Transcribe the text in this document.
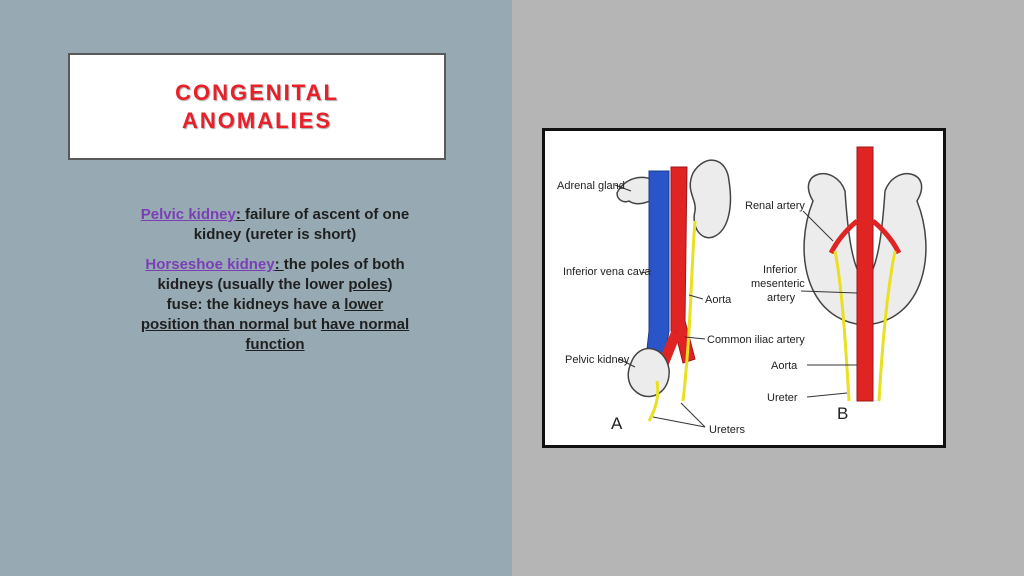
CONGENITAL
ANOMALIES

Pelvic kidney: failure of ascent of one kidney (ureter is short)

Horseshoe kidney: the poles of both kidneys (usually the lower poles) fuse: the kidneys have a lower position than normal but have normal function

Adrenal gland
Inferior vena cava
Aorta
Common iliac artery
Pelvic kidney
Ureters
A
Renal artery
Inferior
mesenteric
artery
Aorta
Ureter
B
